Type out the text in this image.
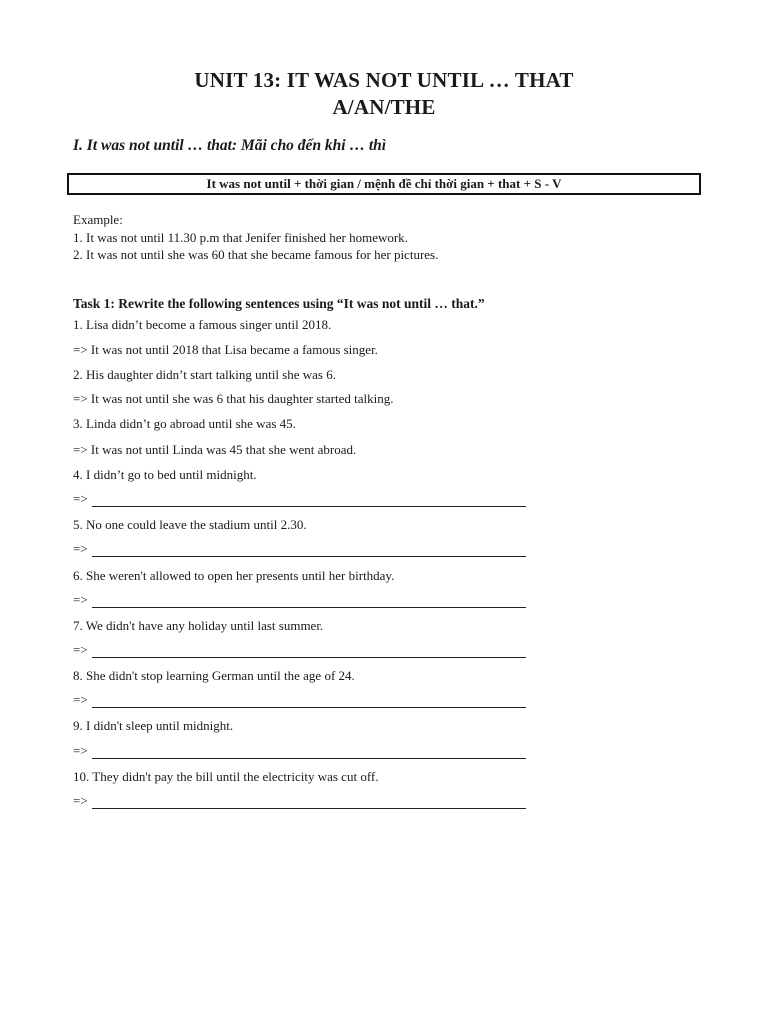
UNIT 13: IT WAS NOT UNTIL … THAT
A/AN/THE
I. It was not until … that: Mãi cho đến khi … thì
It was not until + thời gian / mệnh đề chỉ thời gian + that + S - V
Example:
1. It was not until 11.30 p.m that Jenifer finished her homework.
2. It was not until she was 60 that she became famous for her pictures.
Task 1: Rewrite the following sentences using “It was not until … that.”
1. Lisa didn’t become a famous singer until 2018.
=> It was not until 2018 that Lisa became a famous singer.
2. His daughter didn’t start talking until she was 6.
=> It was not until she was 6 that his daughter started talking.
3. Linda didn’t go abroad until she was 45.
=> It was not until Linda was 45 that she went abroad.
4. I didn’t go to bed until midnight.
=>
5. No one could leave the stadium until 2.30.
=>
6. She weren't allowed to open her presents until her birthday.
=>
7. We didn't have any holiday until last summer.
=>
8. She didn't stop learning German until the age of 24.
=>
9. I didn't sleep until midnight.
=>
10. They didn't pay the bill until the electricity was cut off.
=>
